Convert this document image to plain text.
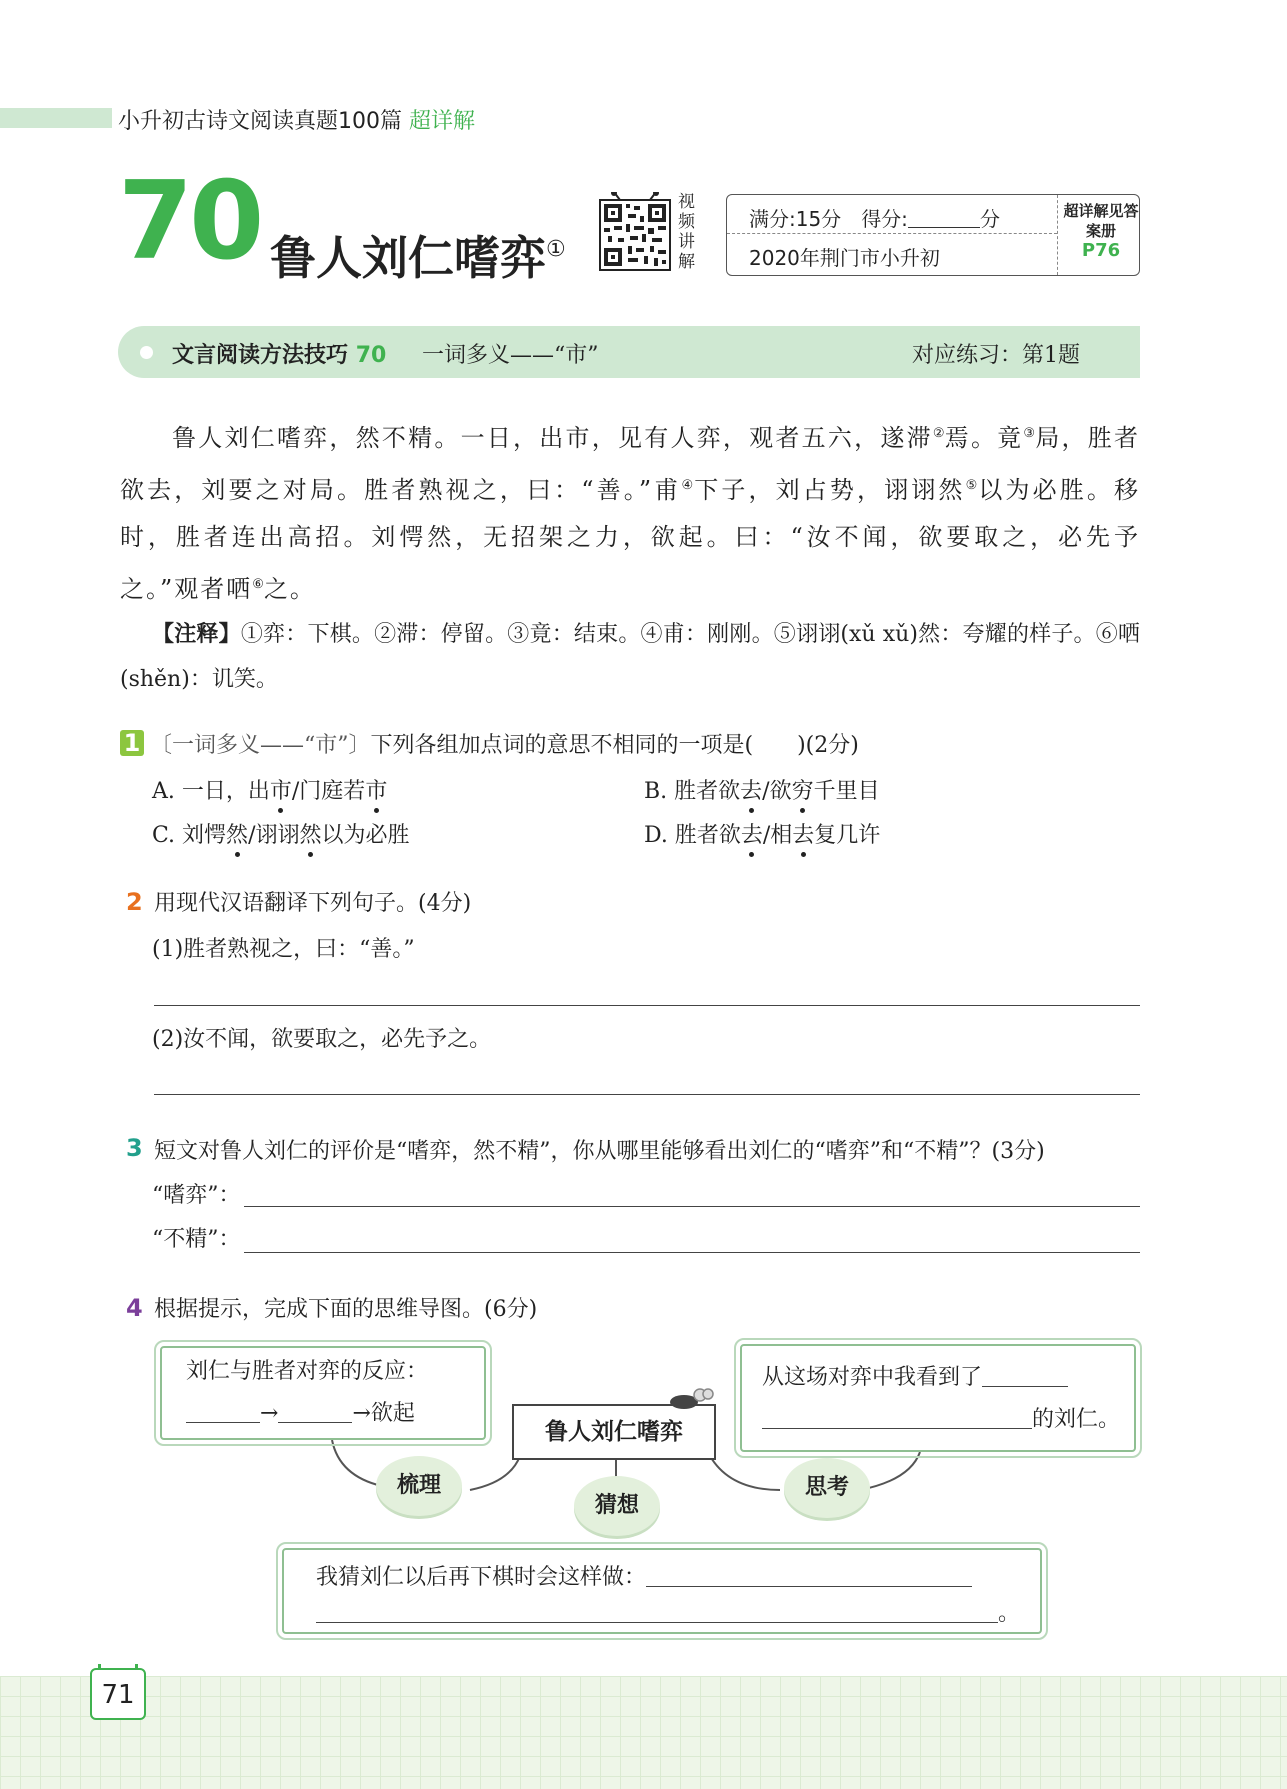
小升初古诗文阅读真题100篇 超详解
70 鲁人刘仁嗜弈①
视频讲解
满分:15分　 得分:	分
2020年荆门市小升初
超详解见答案册
P76
文言阅读方法技巧 70 一词多义——“市”	对应练习：第1题
鲁人刘仁嗜弈，然不精。一日，出市，见有人弈，观者五六，遂滞②焉。竟③局，胜者欲去，刘要之对局。胜者熟视之，曰：“善。”甫④下子，刘占势，诩诩然⑤以为必胜。移时，胜者连出高招。刘愕然，无招架之力，欲起。曰：“汝不闻，欲要取之，必先予之。”观者哂⑥之。
【注释】①弈：下棋。②滞：停留。③竟：结束。④甫：刚刚。⑤诩诩(xǔ xǔ)然：夸耀的样子。⑥哂(shěn)：讥笑。
1 〔一词多义——“市”〕下列各组加点词的意思不相同的一项是(　　)(2分)
A. 一日，出市/门庭若市	B. 胜者欲去/欲穷千里目
C. 刘愕然/诩诩然以为必胜	D. 胜者欲去/相去复几许
2 用现代汉语翻译下列句子。(4分)
(1)胜者熟视之，曰：“善。”
(2)汝不闻，欲要取之，必先予之。
3 短文对鲁人刘仁的评价是“嗜弈，然不精”，你从哪里能够看出刘仁的“嗜弈”和“不精”？(3分)
“嗜弈”：
“不精”：
4 根据提示，完成下面的思维导图。(6分)
刘仁与胜者对弈的反应：
→	→欲起
鲁人刘仁嗜弈
从这场对弈中我看到了
的刘仁。
梳理
猜想
思考
我猜刘仁以后再下棋时会这样做：
。
71
